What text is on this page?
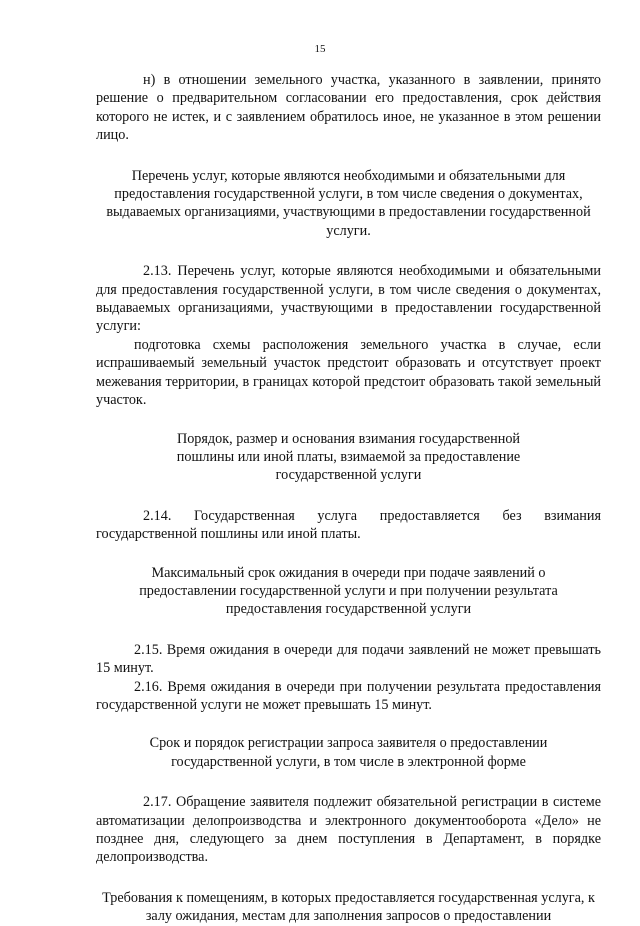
15

н) в отношении земельного участка, указанного в заявлении, принято решение о предварительном согласовании его предоставления, срок действия которого не истек, и с заявлением обратилось иное, не указанное в этом решении лицо.

Перечень услуг, которые являются необходимыми и обязательными для предоставления государственной услуги, в том числе сведения о документах, выдаваемых организациями, участвующими в предоставлении государственной услуги.

2.13. Перечень услуг, которые являются необходимыми и обязательными для предоставления государственной услуги, в том числе сведения о документах, выдаваемых организациями, участвующими в предоставлении государственной услуги:

подготовка схемы расположения земельного участка в случае, если испрашиваемый земельный участок предстоит образовать и отсутствует проект межевания территории, в границах которой предстоит образовать такой земельный участок.

Порядок, размер и основания взимания государственной пошлины или иной платы, взимаемой за предоставление государственной услуги

2.14. Государственная услуга предоставляется без взимания государственной пошлины или иной платы.

Максимальный срок ожидания в очереди при подаче заявлений о предоставлении государственной услуги и при получении результата предоставления государственной услуги

2.15. Время ожидания в очереди для подачи заявлений не может превышать 15 минут.

2.16. Время ожидания в очереди при получении результата предоставления государственной услуги не может превышать 15 минут.

Срок и порядок регистрации запроса заявителя о предоставлении государственной услуги, в том числе в электронной форме

2.17. Обращение заявителя подлежит обязательной регистрации в системе автоматизации делопроизводства и электронного документооборота «Дело» не позднее дня, следующего за днем поступления в Департамент, в порядке делопроизводства.

Требования к помещениям, в которых предоставляется государственная услуга, к залу ожидания, местам для заполнения запросов о предоставлении
